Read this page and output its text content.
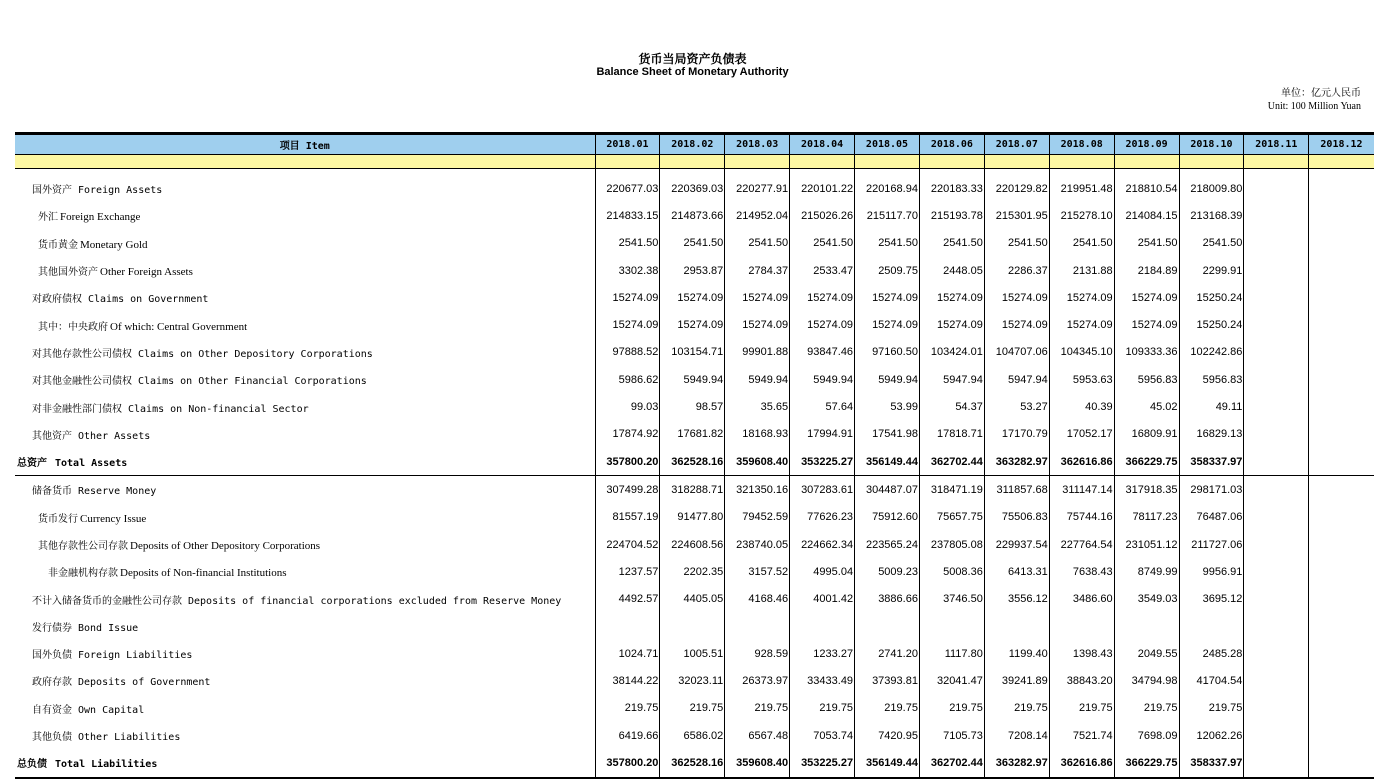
货币当局资产负债表
Balance Sheet of Monetary Authority
单位：亿元人民币
Unit: 100 Million Yuan
项目 Item	2018.01	2018.02	2018.03	2018.04	2018.05	2018.06	2018.07	2018.08	2018.09	2018.10	2018.11	2018.12

国外资产 Foreign Assets	220677.03	220369.03	220277.91	220101.22	220168.94	220183.33	220129.82	219951.48	218810.54	218009.80		
外汇 Foreign Exchange	214833.15	214873.66	214952.04	215026.26	215117.70	215193.78	215301.95	215278.10	214084.15	213168.39		
货币黄金 Monetary Gold	2541.50	2541.50	2541.50	2541.50	2541.50	2541.50	2541.50	2541.50	2541.50	2541.50		
其他国外资产 Other Foreign Assets	3302.38	2953.87	2784.37	2533.47	2509.75	2448.05	2286.37	2131.88	2184.89	2299.91		
对政府债权 Claims on Government	15274.09	15274.09	15274.09	15274.09	15274.09	15274.09	15274.09	15274.09	15274.09	15250.24		
其中：中央政府 Of which: Central Government	15274.09	15274.09	15274.09	15274.09	15274.09	15274.09	15274.09	15274.09	15274.09	15250.24		
对其他存款性公司债权 Claims on Other Depository Corporations	97888.52	103154.71	99901.88	93847.46	97160.50	103424.01	104707.06	104345.10	109333.36	102242.86		
对其他金融性公司债权 Claims on Other Financial Corporations	5986.62	5949.94	5949.94	5949.94	5949.94	5947.94	5947.94	5953.63	5956.83	5956.83		
对非金融性部门债权 Claims on Non-financial Sector	99.03	98.57	35.65	57.64	53.99	54.37	53.27	40.39	45.02	49.11		
其他资产 Other Assets	17874.92	17681.82	18168.93	17994.91	17541.98	17818.71	17170.79	17052.17	16809.91	16829.13		
总资产 Total Assets	357800.20	362528.16	359608.40	353225.27	356149.44	362702.44	363282.97	362616.86	366229.75	358337.97		
储备货币 Reserve Money	307499.28	318288.71	321350.16	307283.61	304487.07	318471.19	311857.68	311147.14	317918.35	298171.03		
货币发行 Currency Issue	81557.19	91477.80	79452.59	77626.23	75912.60	75657.75	75506.83	75744.16	78117.23	76487.06		
其他存款性公司存款 Deposits of Other Depository Corporations	224704.52	224608.56	238740.05	224662.34	223565.24	237805.08	229937.54	227764.54	231051.12	211727.06		
非金融机构存款 Deposits of Non-financial Institutions	1237.57	2202.35	3157.52	4995.04	5009.23	5008.36	6413.31	7638.43	8749.99	9956.91		
不计入储备货币的金融性公司存款 Deposits of financial corporations excluded from Reserve Money	4492.57	4405.05	4168.46	4001.42	3886.66	3746.50	3556.12	3486.60	3549.03	3695.12		
发行债券 Bond Issue												
国外负债 Foreign Liabilities	1024.71	1005.51	928.59	1233.27	2741.20	1117.80	1199.40	1398.43	2049.55	2485.28		
政府存款 Deposits of Government	38144.22	32023.11	26373.97	33433.49	37393.81	32041.47	39241.89	38843.20	34794.98	41704.54		
自有资金 Own Capital	219.75	219.75	219.75	219.75	219.75	219.75	219.75	219.75	219.75	219.75		
其他负债 Other Liabilities	6419.66	6586.02	6567.48	7053.74	7420.95	7105.73	7208.14	7521.74	7698.09	12062.26		
总负债 Total Liabilities	357800.20	362528.16	359608.40	353225.27	356149.44	362702.44	363282.97	362616.86	366229.75	358337.97		
